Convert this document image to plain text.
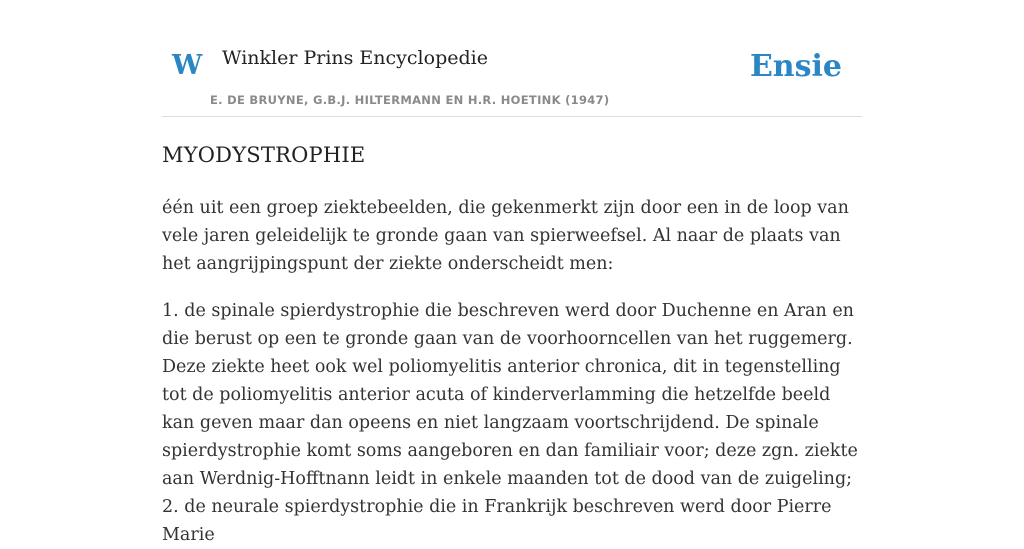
W Winkler Prins Encyclopedie
E. DE BRUYNE, G.B.J. HILTERMANN EN H.R. HOETINK (1947)
Ensie
MYODYSTROPHIE

één uit een groep ziektebeelden, die gekenmerkt zijn door een in de loop van vele jaren geleidelijk te gronde gaan van spierweefsel. Al naar de plaats van het aangrijpingspunt der ziekte onderscheidt men:

1. de spinale spierdystrophie die beschreven werd door Duchenne en Aran en die berust op een te gronde gaan van de voorhoorncellen van het ruggemerg. Deze ziekte heet ook wel poliomyelitis anterior chronica, dit in tegenstelling tot de poliomyelitis anterior acuta of kinderverlamming die hetzelfde beeld kan geven maar dan opeens en niet langzaam voortschrijdend. De spinale spierdystrophie komt soms aangeboren en dan familiair voor; deze zgn. ziekte aan Werdnig-Hofftnann leidt in enkele maanden tot de dood van de zuigeling;

2. de neurale spierdystrophie die in Frankrijk beschreven werd door Pierre Marie
